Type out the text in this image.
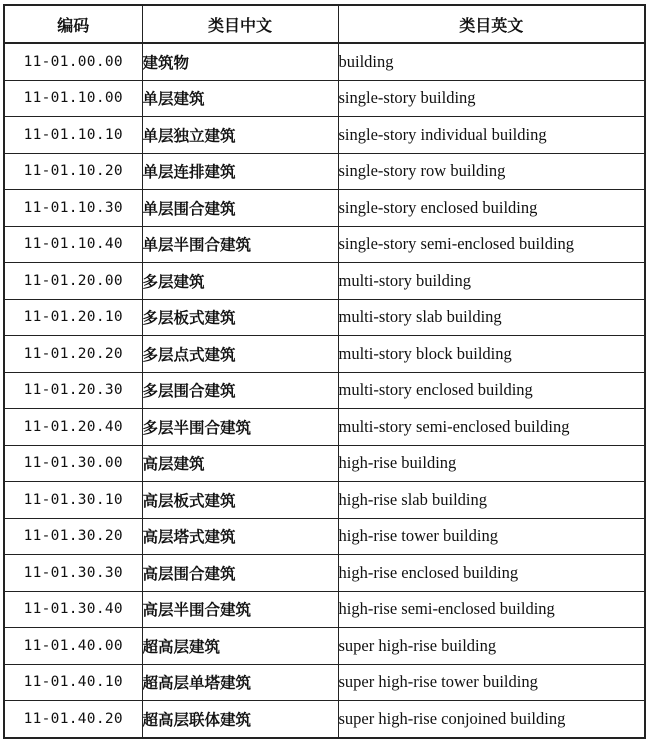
编码	类目中文	类目英文
11-01.00.00	建筑物	building
11-01.10.00	单层建筑	single-story building
11-01.10.10	单层独立建筑	single-story individual building
11-01.10.20	单层连排建筑	single-story row building
11-01.10.30	单层围合建筑	single-story enclosed building
11-01.10.40	单层半围合建筑	single-story semi-enclosed building
11-01.20.00	多层建筑	multi-story building
11-01.20.10	多层板式建筑	multi-story slab building
11-01.20.20	多层点式建筑	multi-story block building
11-01.20.30	多层围合建筑	multi-story enclosed building
11-01.20.40	多层半围合建筑	multi-story semi-enclosed building
11-01.30.00	高层建筑	high-rise building
11-01.30.10	高层板式建筑	high-rise slab building
11-01.30.20	高层塔式建筑	high-rise tower building
11-01.30.30	高层围合建筑	high-rise enclosed building
11-01.30.40	高层半围合建筑	high-rise semi-enclosed building
11-01.40.00	超高层建筑	super high-rise building
11-01.40.10	超高层单塔建筑	super high-rise tower building
11-01.40.20	超高层联体建筑	super high-rise conjoined building
